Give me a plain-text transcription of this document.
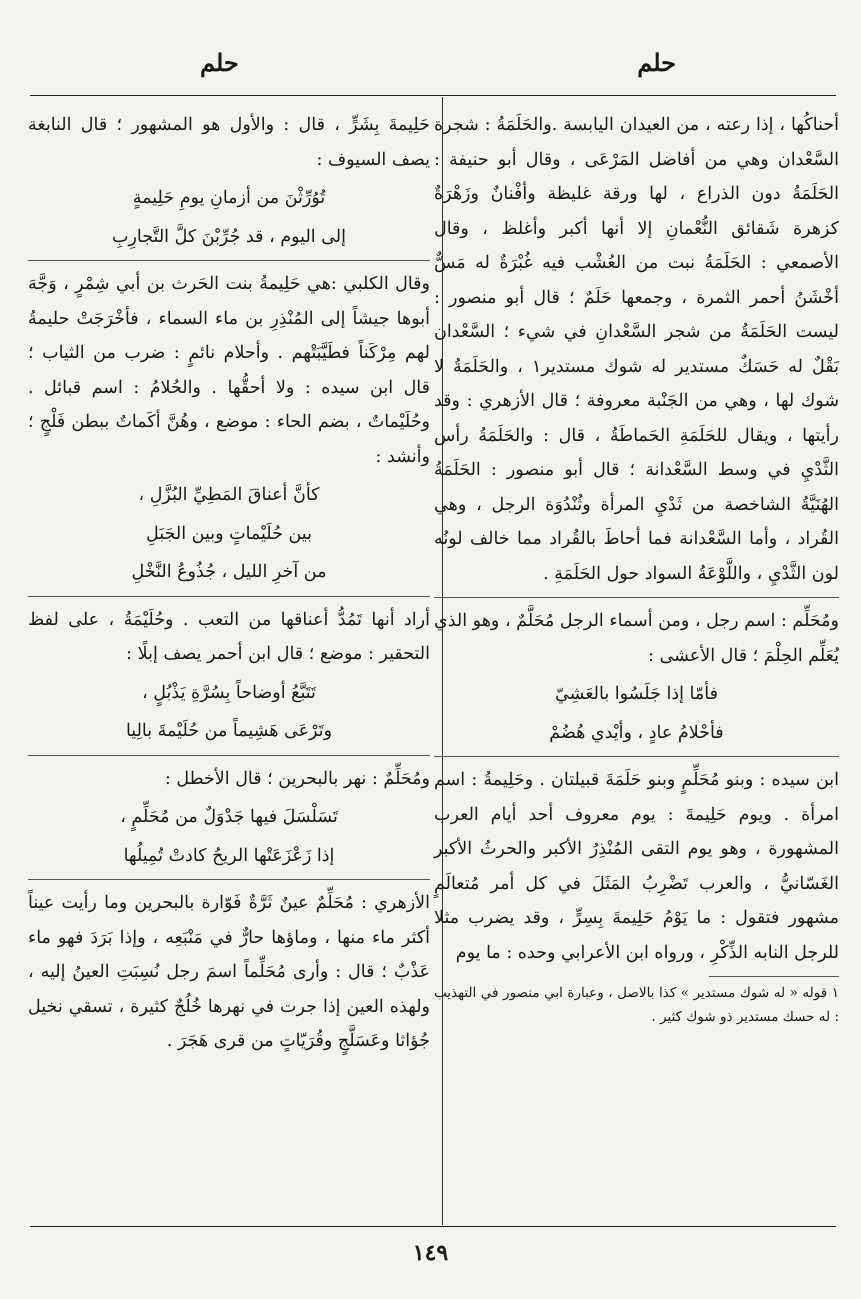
حلم
حلم

أحناكُها ، إذا رعته ، من العيدان اليابسة .والحَلَمَةُ : شجرة السَّعْدان وهي من أفاضل المَرْعَى ، وقال أبو حنيفة : الحَلَمَةُ دون الذراع ، لها ورقة غليظة وأفْنانٌ وزَهْرَةٌ كزهرة شَقائق النُّعْمانِ إلا أنها أكبر وأغلظ ، وقال الأصمعي : الحَلَمَةُ نبت من العُشْب فيه غُبْرَةٌ له مَسٌّ أخْشَنُ أحمر الثمرة ، وجمعها حَلَمٌ ؛ قال أبو منصور : ليست الحَلَمَةُ من شجر السَّعْدانِ في شيء ؛ السَّعْدان بَقْلٌ له حَسَكٌ مستدير له شوك مستدير١ ، والحَلَمَةُ لا شوك لها ، وهي من الجَنْبة معروفة ؛ قال الأزهري : وقد رأيتها ، ويقال للحَلَمَةِ الحَماطَةُ ، قال : والحَلَمَةُ رأس الثَّدْيِ في وسط السَّعْدانة ؛ قال أبو منصور : الحَلَمَةُ الهُنَيَّةُ الشاخصة من ثَدْيِ المرأة وثُنْدُوَة الرجل ، وهي القُراد ، وأما السَّعْدانة فما أحاطَ بالقُراد مما خالف لونُه لون الثَّدْيِ ، واللَّوْعَةُ السواد حول الحَلَمَةِ .

ومُحَلِّم : اسم رجل ، ومن أسماء الرجل مُحَلَّمٌ ، وهو الذي يُعَلِّم الحِلْمَ ؛ قال الأعشى :

فأمّا إذا جَلَسُوا بالعَشِيّ
فأحْلامُ عادٍ ، وأيْدي هُضُمْ

ابن سيده : وبنو مُحَلِّمٍ وبنو حَلَمَةَ قبيلتان . وحَلِيمةُ : اسم امرأة . ويوم حَلِيمةَ : يوم معروف أحد أيام العرب المشهورة ، وهو يوم التقى المُنْذِرُ الأكبر والحرثُ الأكبر الغَسّانيُّ ، والعرب تَضْرِبُ المَثَلَ في كل أمر مُتعالَمٍ مشهور فتقول : ما يَوْمُ حَلِيمةَ بِسِرٍّ ، وقد يضرب مثلا للرجل النابه الذِّكْرِ ، ورواه ابن الأعرابي وحده : ما يوم

١ قوله « له شوك مستدير » كذا بالاصل ، وعبارة ابي منصور في التهذيب : له حسك مستدير ذو شوك كثير .

حَلِيمةَ بِشَرٍّ ، قال : والأول هو المشهور ؛ قال النابغة يصف السيوف :

تُوُرِّثْنَ من أزمانِ يومِ حَلِيمةٍ
إلى اليوم ، قد جُرِّبْنَ كلَّ التَّجارِبِ

وقال الكلبي :هي حَلِيمةُ بنت الحَرث بن أبي شِمْرٍ ، وَجَّهَ أبوها جيشاً إلى المُنْذِرِ بن ماء السماء ، فأخْرَجَتْ حليمةُ لهم مِرْكَناً فطَيَّبَتْهم . وأحلام نائمٍ : ضرب من الثياب ؛ قال ابن سيده : ولا أحقُّها . والحُلامُ : اسم قبائل . وحُلَيْماتٌ ، بضم الحاء : موضع ، وهُنَّ أكَماتٌ ببطن فَلْجٍ ؛ وأنشد :

كأنَّ أعناقَ المَطِيِّ البُزَّلِ ،
بين حُلَيْماتٍ وبين الجَبَلِ
من آخرِ الليل ، جُذُوعُ النَّخْلِ

أراد أنها تَمُدُّ أعناقها من التعب . وحُلَيْمَةُ ، على لفظ التحقير : موضع ؛ قال ابن أحمر يصف إبلًا :

تَتَبَّعُ أوضاحاً بِسُرَّةِ يَذْبُلٍ ،
وتَرْعَى هَشِيماً من حُلَيْمةَ بالِيا

ومُحَلِّمٌ : نهر بالبحرين ؛ قال الأخطل :

تَسَلْسَلَ فيها جَدْوَلٌ من مُحَلِّمٍ ،
إذا زَعْزَعَتْها الريحُ كادتْ تُمِيلُها

الأزهري : مُحَلِّمٌ عينٌ ثَرَّةٌ فَوّارة بالبحرين وما رأيت عيناً أكثر ماء منها ، وماؤها حارٌّ في مَنْبَعِه ، وإذا بَرَدَ فهو ماء عَذْبٌ ؛ قال : وأرى مُحَلِّماً اسمَ رجل نُسِبَتِ العينُ إليه ، ولهذه العين إذا جرت في نهرها خُلُجٌ كثيرة ، تسقي نخيل جُؤاثا وعَسَلَّجٍ وقُرَيّاتٍ من قرى هَجَرَ .

١٤٩
